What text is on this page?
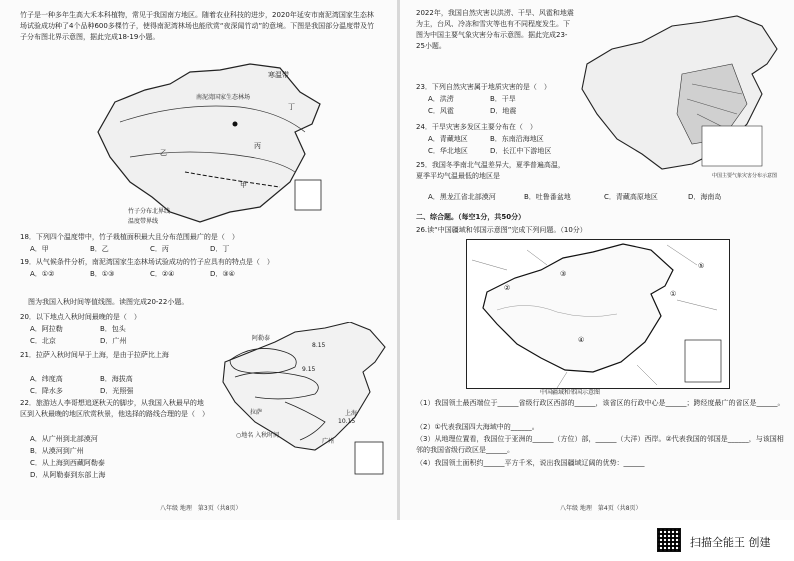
竹子是一种多年生高大禾本科植物，常见于我国南方地区。随着农业科技的进步，2020年延安市南泥湾国家生态林场试验成功种了4个品种600多棵竹子，使得南泥湾林场也能欣赏“夜深闻竹动”的意境。下图是我国部分温度带及竹子分布图北界示意图，据此完成18-19小题。
寒温带
南泥湾国家生态林场
丁
丙
乙
甲
竹子分布北界线
温度带界线
18．下列四个温度带中，竹子栽植面积最大且分布范围最广的是（　）
A．甲	B．乙	C．丙	D．丁
19．从气候条件分析，南泥湾国家生态林场试验成功的竹子应具有的特点是（　）
A．①②	B．①③	C．②④	D．③④
图为我国入秋时间等值线图。读图完成20-22小题。
20．以下地点入秋时间最晚的是（　）
A．阿拉勒	B．包头
C．北京	D．广州
21．拉萨入秋时间早于上海，是由于拉萨比上海
A．纬度高	B．海拔高
C．降水多	D．光照强
22．旅游达人李哥想追逐秋天的脚步，从我国入秋最早的地区到入秋最晚的地区欣赏秋景，他选择的路线合理的是（　）
A．从广州到北部漠河
B．从漠河到广州
C．从上海到西藏阿勒泰
D．从阿勒泰到东部上海
阿勒泰
8.15
9.15
拉萨	上海
10.15
广州
○地名 入秋时间
八年级 地理　第3页（共8页）
2022年，我国自然灾害以洪涝、干旱、风雹和地震为主，台风、冷冻和雪灾等也有不同程度发生。下图为中国主要气象灾害分布示意图。据此完成23-25小题。
中国主要气象灾害分布示意图
23．下列自然灾害属于地质灾害的是（　）
A．洪涝	B．干旱
C．风雹	D．地震
24．干旱灾害多发区主要分布在（　）
A．青藏地区	B．东南沿海地区
C．华北地区	D．长江中下游地区
25．我国冬季南北气温差异大，夏季普遍高温，夏季平均气温最低的地区是
A．黑龙江省北部漠河	B．吐鲁番盆地	C．青藏高原地区	D．海南岛
二、综合题。（每空1分，共50分）
26.读“中国疆域和邻国示意图”完成下列问题。（10分）
②
③
①
④
⑤
中国疆域和邻国示意图
（1）我国领土最西端位于______省级行政区西部的______，该省区的行政中心是______；跨经度最广的省区是______。
（2）①代表我国四大海域中的______。
（3）从地理位置看，我国位于亚洲的______（方位）部，______（大洋）西岸。②代表我国的邻国是______，与该国相邻的我国省级行政区是______。
（4）我国领土面积约______平方千米，说出我国疆域辽阔的优势：______
八年级 地理　第4页（共8页）
扫描全能王 创建
